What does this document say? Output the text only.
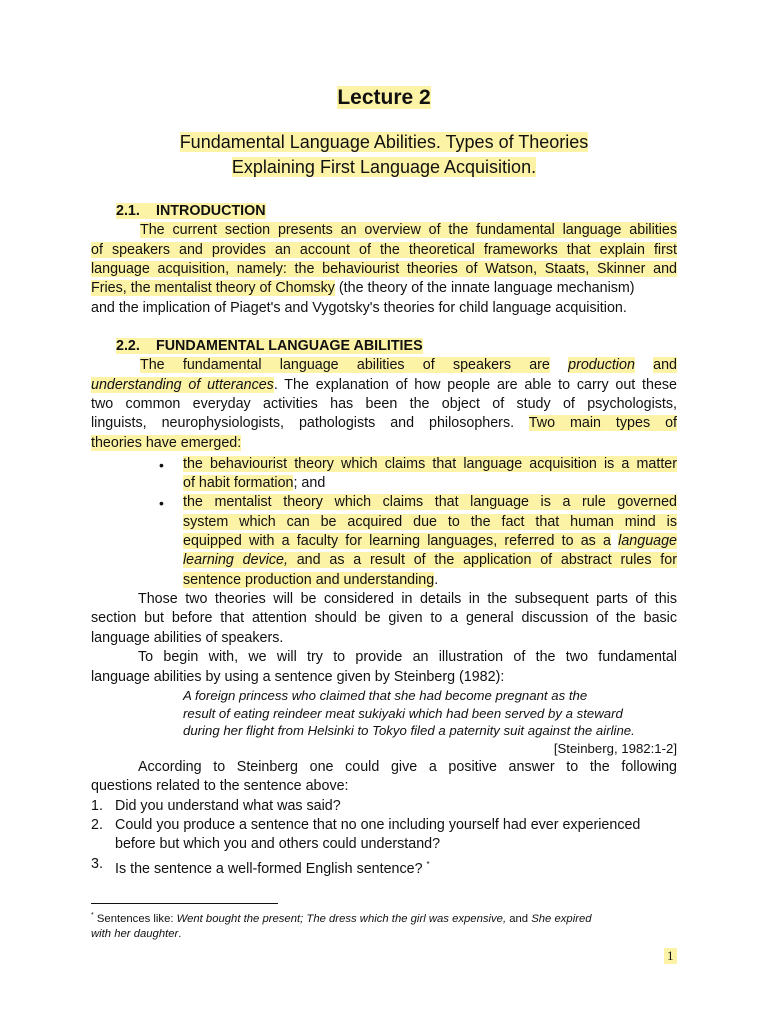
Lecture 2
Fundamental Language Abilities. Types of Theories
Explaining First Language Acquisition.
2.1. INTRODUCTION
The current section presents an overview of the fundamental language abilities
of speakers and provides an account of the theoretical frameworks that explain first
language acquisition, namely: the behaviourist theories of Watson, Staats, Skinner and
Fries, the mentalist theory of Chomsky (the theory of the innate language mechanism)
and the implication of Piaget's and Vygotsky's theories for child language acquisition.
2.2. FUNDAMENTAL LANGUAGE ABILITIES
The fundamental language abilities of speakers are production and
understanding of utterances. The explanation of how people are able to carry out these
two common everyday activities has been the object of study of psychologists,
linguists, neurophysiologists, pathologists and philosophers. Two main types of
theories have emerged:
• the behaviourist theory which claims that language acquisition is a matter
of habit formation; and
• the mentalist theory which claims that language is a rule governed
system which can be acquired due to the fact that human mind is
equipped with a faculty for learning languages, referred to as a language
learning device, and as a result of the application of abstract rules for
sentence production and understanding.
Those two theories will be considered in details in the subsequent parts of this
section but before that attention should be given to a general discussion of the basic
language abilities of speakers.
To begin with, we will try to provide an illustration of the two fundamental
language abilities by using a sentence given by Steinberg (1982):
A foreign princess who claimed that she had become pregnant as the
result of eating reindeer meat sukiyaki which had been served by a steward
during her flight from Helsinki to Tokyo filed a paternity suit against the airline.
[Steinberg, 1982:1-2]
According to Steinberg one could give a positive answer to the following
questions related to the sentence above:
1. Did you understand what was said?
2. Could you produce a sentence that no one including yourself had ever experienced
before but which you and others could understand?
3. Is the sentence a well-formed English sentence? *
* Sentences like: Went bought the present; The dress which the girl was expensive, and She expired
with her daughter.
1
